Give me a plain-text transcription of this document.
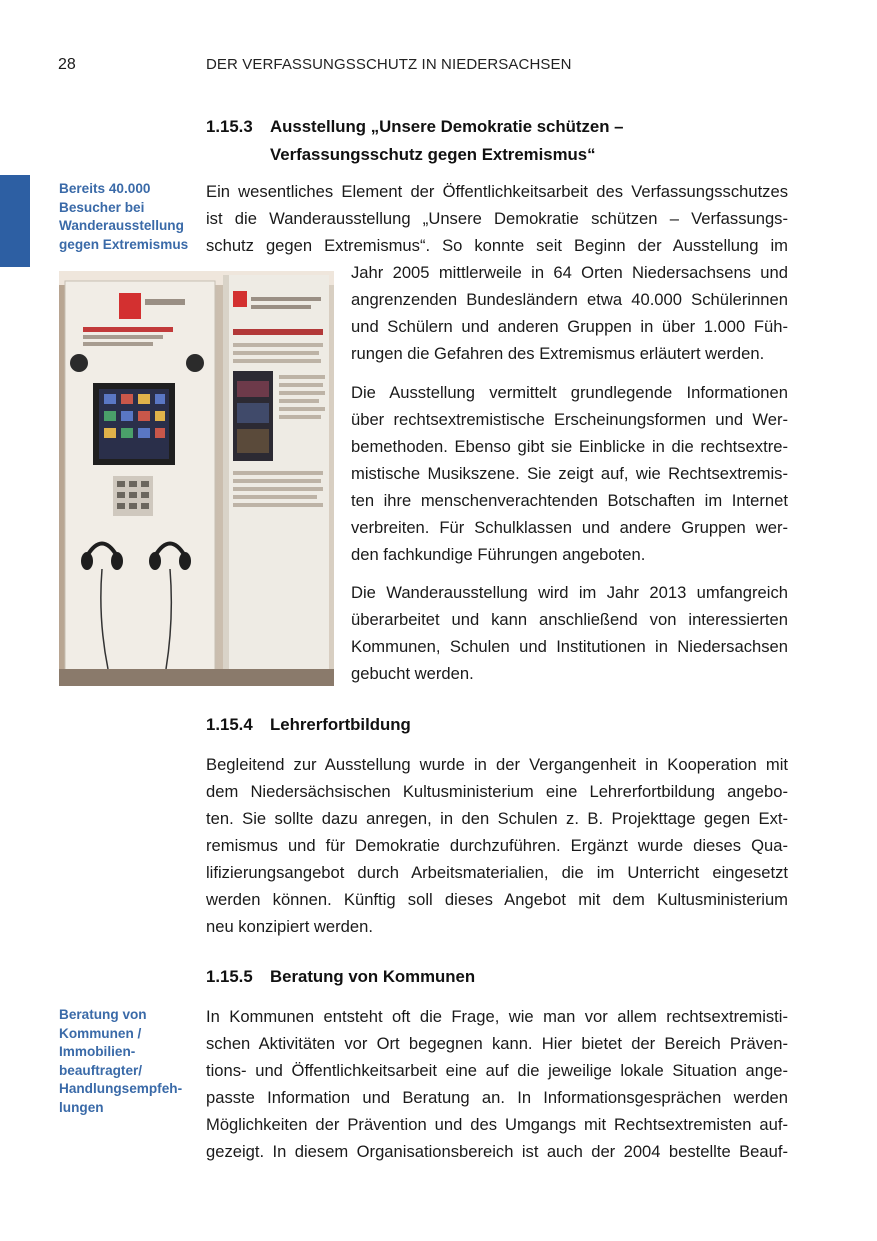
28	DER VERFASSUNGSSCHUTZ IN NIEDERSACHSEN
Bereits 40.000
Besucher bei
Wanderausstellung
gegen Extremismus
1.15.3 Ausstellung „Unsere Demokratie schützen –
Verfassungsschutz gegen Extremismus“
Ein wesentliches Element der Öffentlichkeitsarbeit des Verfassungsschutzes
ist die Wanderausstellung „Unsere Demokratie schützen – Verfassungs-
schutz gegen Extremismus“. So konnte seit Beginn der Ausstellung im
Jahr 2005 mittlerweile in 64 Orten Niedersachsens und
angrenzenden Bundesländern etwa 40.000 Schülerinnen
und Schülern und anderen Gruppen in über 1.000 Füh-
rungen die Gefahren des Extremismus erläutert werden.
Die Ausstellung vermittelt grundlegende Informationen
über rechtsextremistische Erscheinungsformen und Wer-
bemethoden. Ebenso gibt sie Einblicke in die rechtsextre-
mistische Musikszene. Sie zeigt auf, wie Rechtsextremis-
ten ihre menschenverachtenden Botschaften im Internet
verbreiten. Für Schulklassen und andere Gruppen wer-
den fachkundige Führungen angeboten.
Die Wanderausstellung wird im Jahr 2013 umfangreich
überarbeitet und kann anschließend von interessierten
Kommunen, Schulen und Institutionen in Niedersachsen
gebucht werden.
1.15.4 Lehrerfortbildung
Begleitend zur Ausstellung wurde in der Vergangenheit in Kooperation mit
dem Niedersächsischen Kultusministerium eine Lehrerfortbildung angebo-
ten. Sie sollte dazu anregen, in den Schulen z. B. Projekttage gegen Ext-
remismus und für Demokratie durchzuführen. Ergänzt wurde dieses Qua-
lifizierungsangebot durch Arbeitsmaterialien, die im Unterricht eingesetzt
werden können. Künftig soll dieses Angebot mit dem Kultusministerium
neu konzipiert werden.
1.15.5 Beratung von Kommunen
Beratung von
Kommunen /
Immobilien-
beauftragter/
Handlungsempfeh-
lungen
In Kommunen entsteht oft die Frage, wie man vor allem rechtsextremisti-
schen Aktivitäten vor Ort begegnen kann. Hier bietet der Bereich Präven-
tions- und Öffentlichkeitsarbeit eine auf die jeweilige lokale Situation ange-
passte Information und Beratung an. In Informationsgesprächen werden
Möglichkeiten der Prävention und des Umgangs mit Rechtsextremisten auf-
gezeigt. In diesem Organisationsbereich ist auch der 2004 bestellte Beauf-
